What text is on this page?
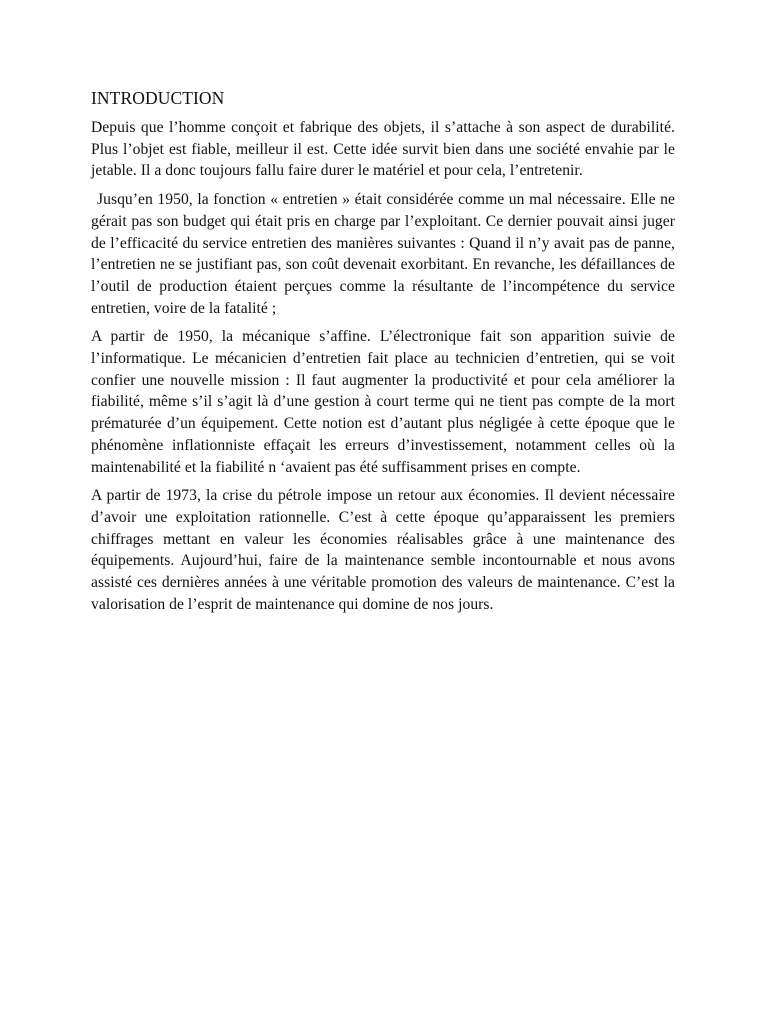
INTRODUCTION

Depuis que l’homme conçoit et fabrique des objets, il s’attache à son aspect de durabilité. Plus l’objet est fiable, meilleur il est. Cette idée survit bien dans une société envahie par le jetable. Il a donc toujours fallu faire durer le matériel et pour cela, l’entretenir.

Jusqu’en 1950, la fonction « entretien » était considérée comme un mal nécessaire. Elle ne gérait pas son budget qui était pris en charge par l’exploitant. Ce dernier pouvait ainsi juger de l’efficacité du service entretien des manières suivantes : Quand il n’y avait pas de panne, l’entretien ne se justifiant pas, son coût devenait exorbitant. En revanche, les défaillances de l’outil de production étaient perçues comme la résultante de l’incompétence du service entretien, voire de la fatalité ;

A partir de 1950, la mécanique s’affine. L’électronique fait son apparition suivie de l’informatique. Le mécanicien d’entretien fait place au technicien d’entretien, qui se voit confier une nouvelle mission : Il faut augmenter la productivité et pour cela améliorer la fiabilité, même s’il s’agit là d’une gestion à court terme qui ne tient pas compte de la mort prématurée d’un équipement. Cette notion est d’autant plus négligée à cette époque que le phénomène inflationniste effaçait les erreurs d’investissement, notamment celles où la maintenabilité et la fiabilité n ‘avaient pas été suffisamment prises en compte.

A partir de 1973, la crise du pétrole impose un retour aux économies. Il devient nécessaire d’avoir une exploitation rationnelle. C’est à cette époque qu’apparaissent les premiers chiffrages mettant en valeur les économies réalisables grâce à une maintenance des équipements. Aujourd’hui, faire de la maintenance semble incontournable et nous avons assisté ces dernières années à une véritable promotion des valeurs de maintenance. C’est la valorisation de l’esprit de maintenance qui domine de nos jours.
